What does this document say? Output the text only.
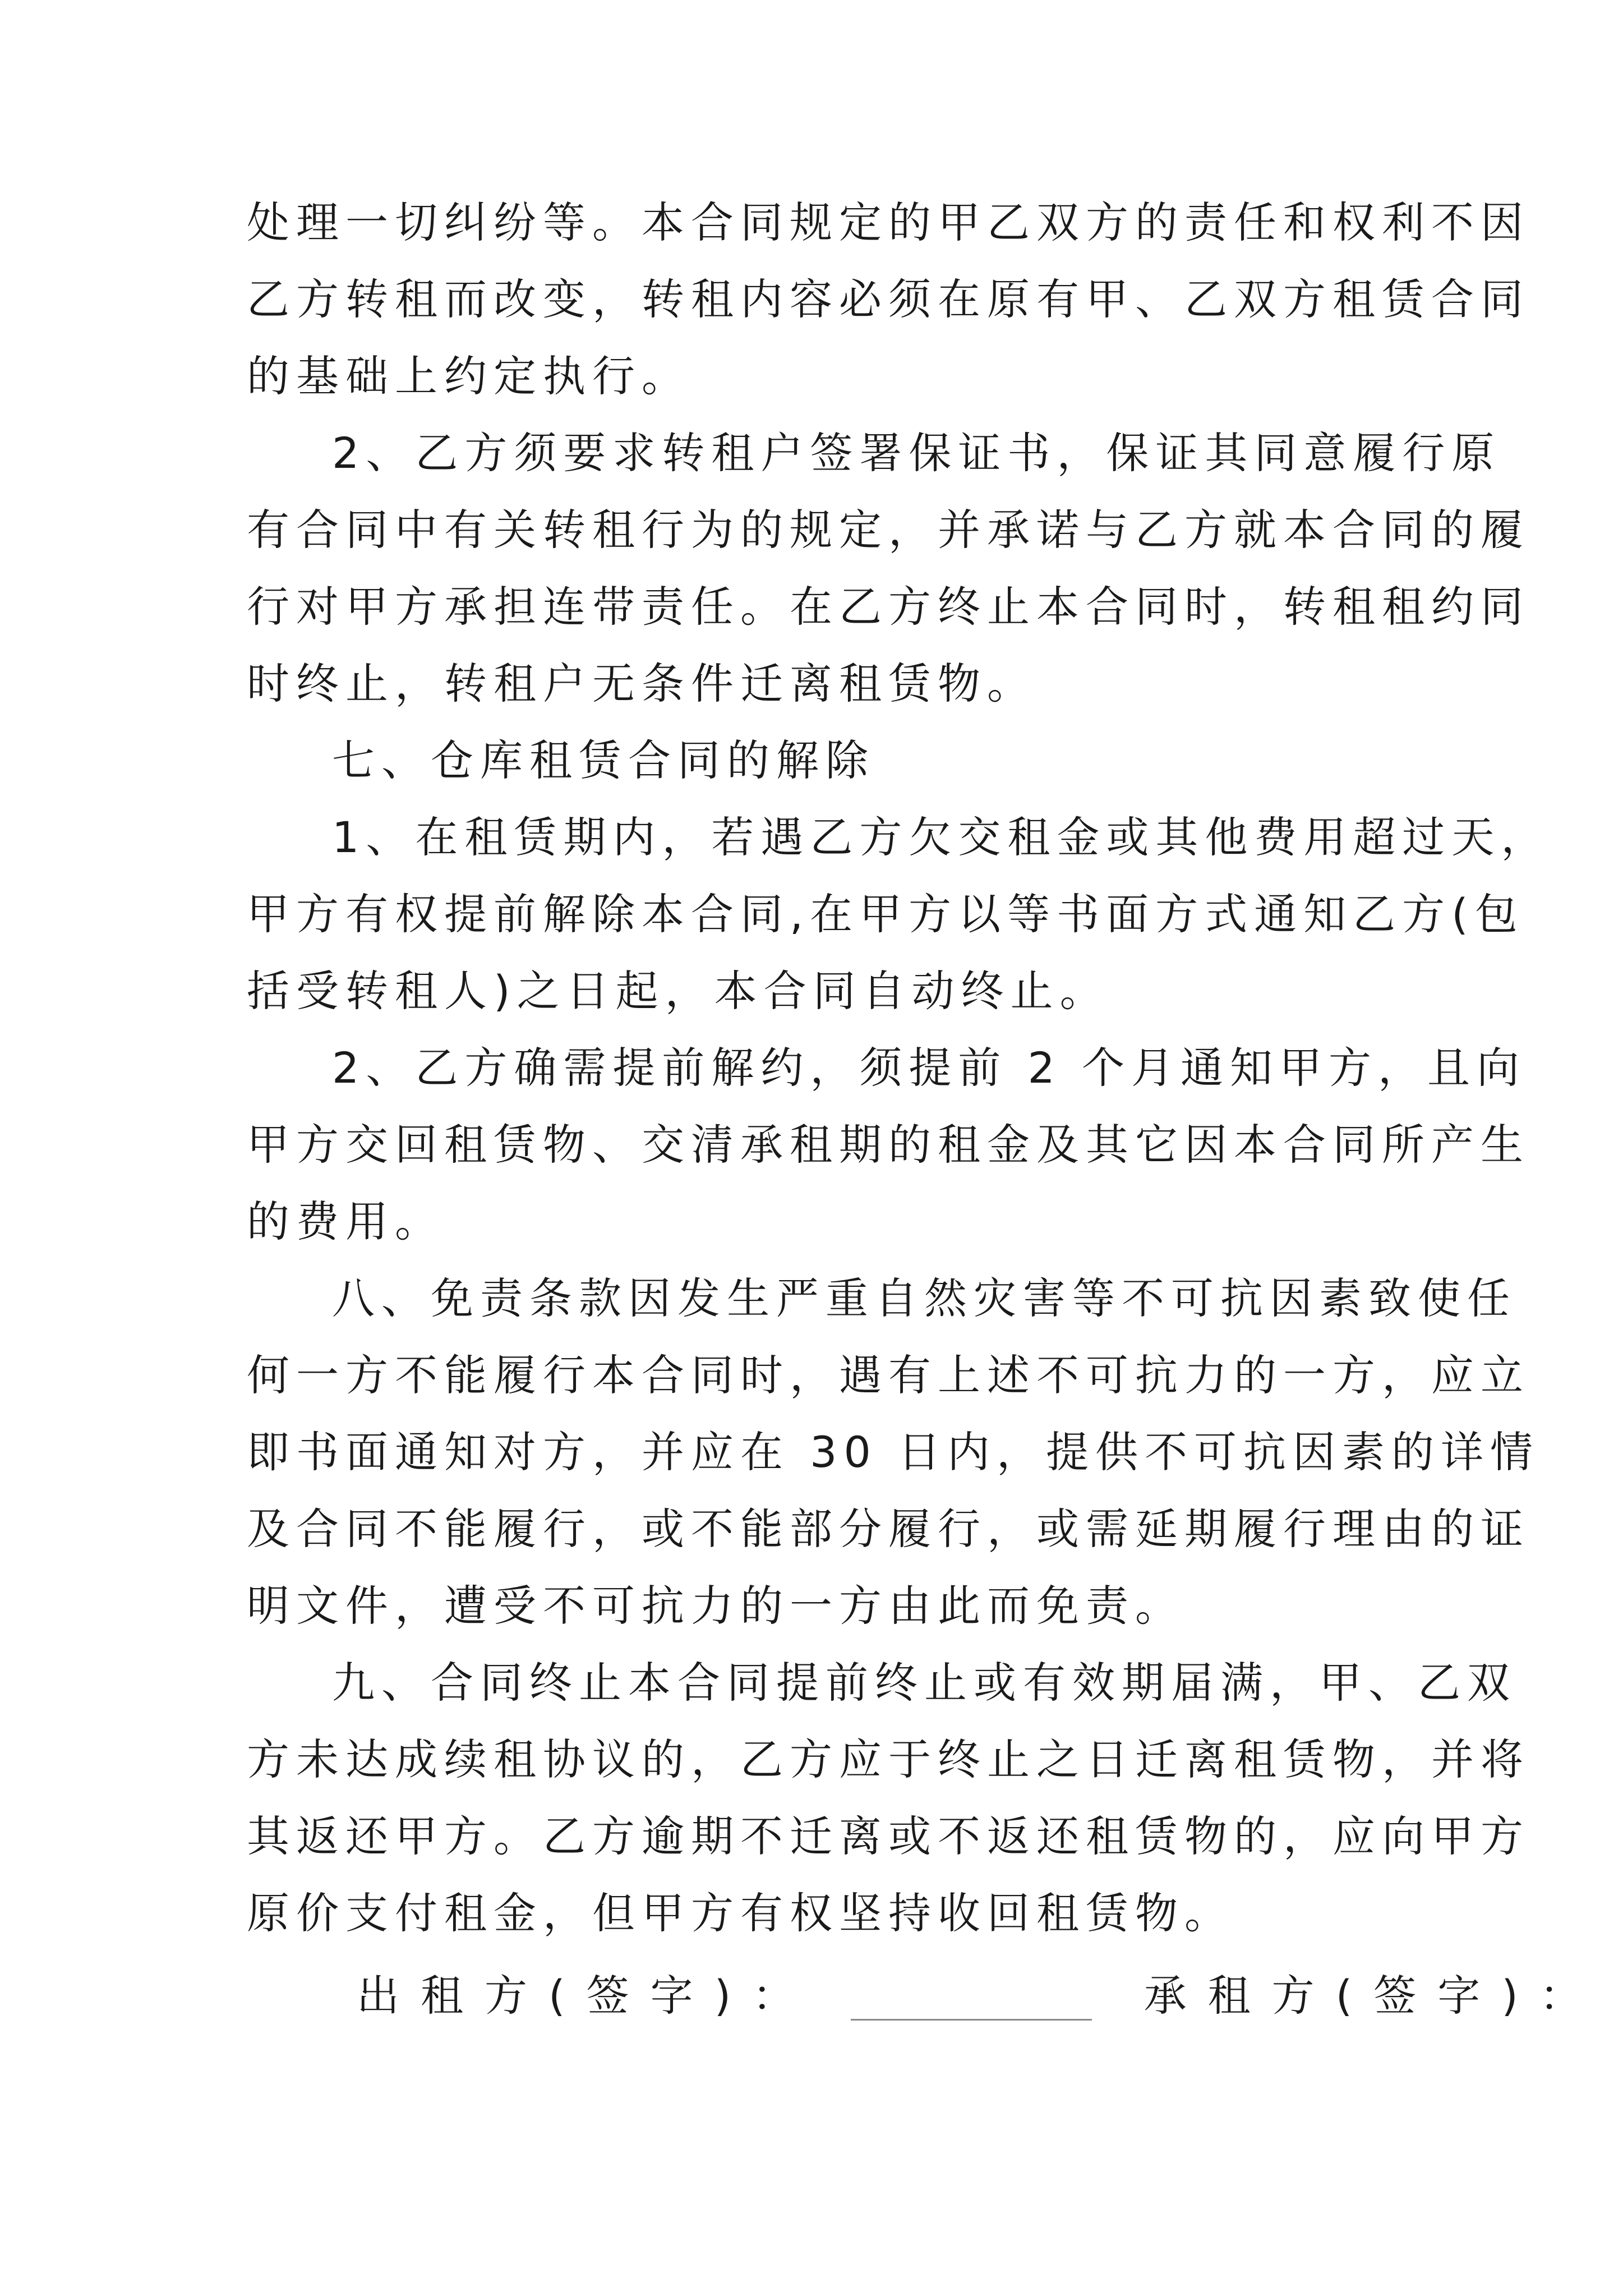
处理一切纠纷等。本合同规定的甲乙双方的责任和权利不因
乙方转租而改变，转租内容必须在原有甲、乙双方租赁合同
的基础上约定执行。
2、乙方须要求转租户签署保证书，保证其同意履行原
有合同中有关转租行为的规定，并承诺与乙方就本合同的履
行对甲方承担连带责任。在乙方终止本合同时，转租租约同
时终止，转租户无条件迁离租赁物。
七、仓库租赁合同的解除
1、在租赁期内，若遇乙方欠交租金或其他费用超过天，
甲方有权提前解除本合同,在甲方以等书面方式通知乙方(包
括受转租人)之日起，本合同自动终止。
2、乙方确需提前解约，须提前 2 个月通知甲方，且向
甲方交回租赁物、交清承租期的租金及其它因本合同所产生
的费用。
八、免责条款因发生严重自然灾害等不可抗因素致使任
何一方不能履行本合同时，遇有上述不可抗力的一方，应立
即书面通知对方，并应在 30 日内，提供不可抗因素的详情
及合同不能履行，或不能部分履行，或需延期履行理由的证
明文件，遭受不可抗力的一方由此而免责。
九、合同终止本合同提前终止或有效期届满，甲、乙双
方未达成续租协议的，乙方应于终止之日迁离租赁物，并将
其返还甲方。乙方逾期不迁离或不返还租赁物的，应向甲方
原价支付租金，但甲方有权坚持收回租赁物。
出租方(签字)：	承租方(签字)：
